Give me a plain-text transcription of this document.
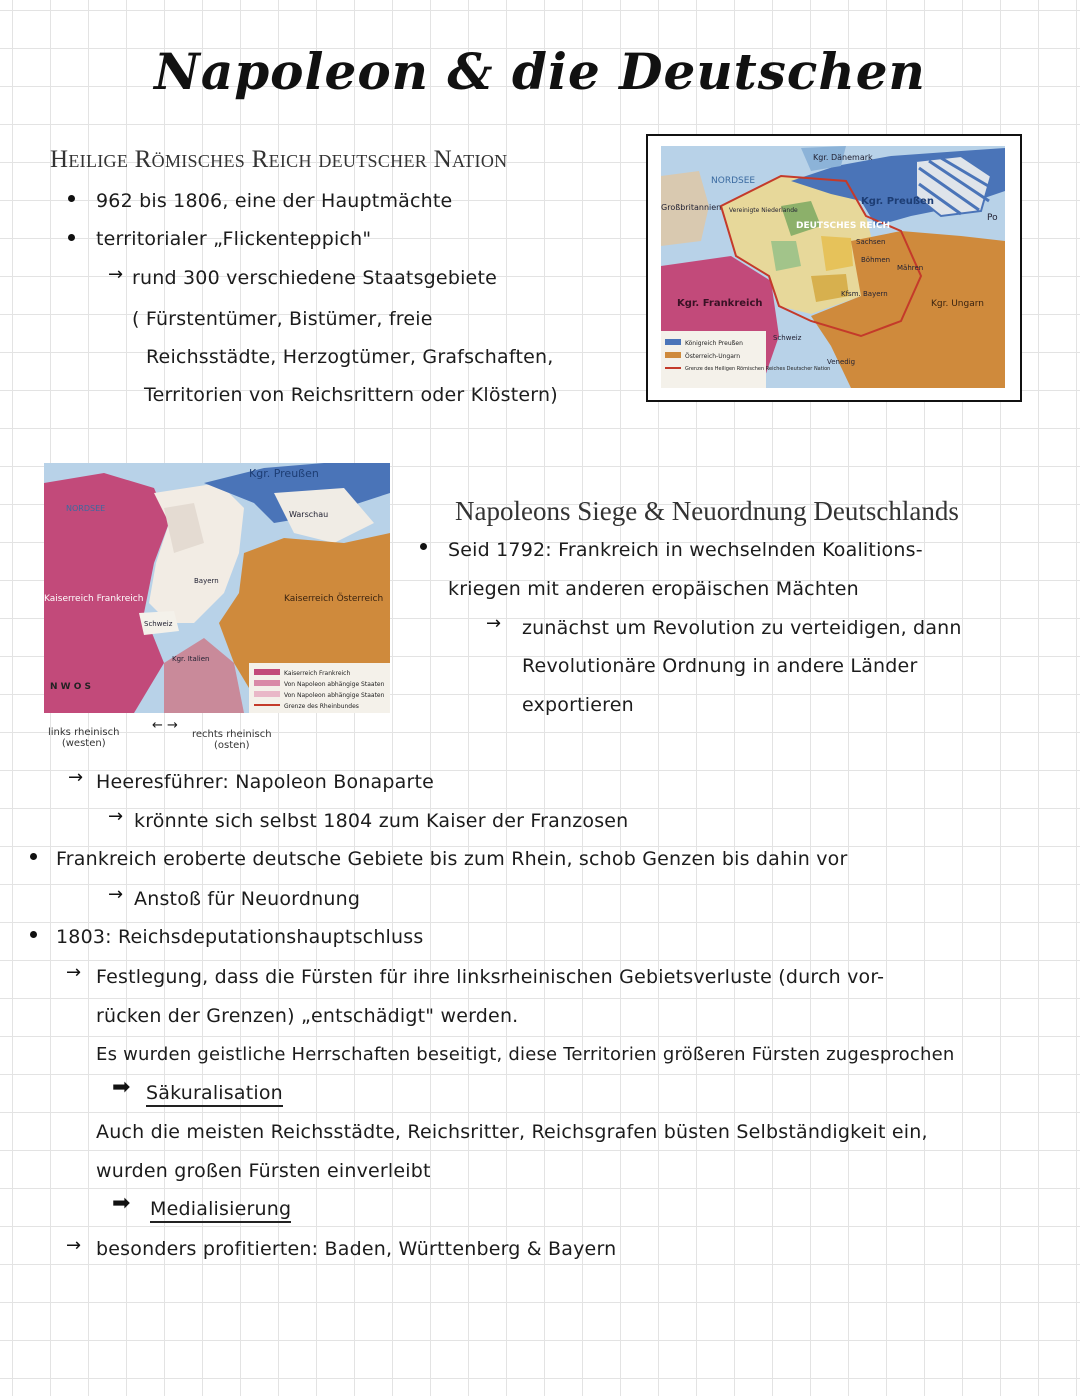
Napoleon & die Deutschen
Heilige Römisches Reich deutscher Nation
962 bis 1806, eine der Hauptmächte
territorialer „Flickenteppich"
→ rund 300 verschiedene Staatsgebiete
( Fürstentümer, Bistümer, freie
Reichsstädte, Herzogtümer, Grafschaften,
Territorien von Reichsrittern oder Klöstern)
Königreich Preußen
Österreich-Ungarn
Grenze des Heiligen Römischen Reiches Deutscher Nation
Kgr. Dänemark
NORDSEE
Großbritannien Vereinigte Niederlande
DEUTSCHES REICH
Kgr. Preußen
Kgr. Frankreich	Kgr. Ungarn
Sachsen
Böhmen
Mähren
Kfsm. Bayern
Schweiz
Venedig
Po
Kaiserreich Frankreich
Von Napoleon abhängige Staaten
Von Napoleon abhängige Staaten
Grenze des Rheinbundes
Kgr. Preußen
NORDSEE
Warschau
Kaiserreich Frankreich	Kaiserreich Österreich
Schweiz
Bayern
Kgr. Italien
N W O S
links rheinisch
(westen)
← →
rechts rheinisch
(osten)
Napoleons Siege & Neuordnung Deutschlands
Seid 1792: Frankreich in wechselnden Koalitions-
kriegen mit anderen eropäischen Mächten
→ zunächst um Revolution zu verteidigen, dann
Revolutionäre Ordnung in andere Länder
exportieren
→ Heeresführer: Napoleon Bonaparte
→ krönnte sich selbst 1804 zum Kaiser der Franzosen
Frankreich eroberte deutsche Gebiete bis zum Rhein, schob Genzen bis dahin vor
→ Anstoß für Neuordnung
1803: Reichsdeputationshauptschluss
→ Festlegung, dass die Fürsten für ihre linksrheinischen Gebietsverluste (durch vor-
rücken der Grenzen) „entschädigt" werden.
Es wurden geistliche Herrschaften beseitigt, diese Territorien größeren Fürsten zugesprochen
➡ Säkuralisation
Auch die meisten Reichsstädte, Reichsritter, Reichsgrafen büsten Selbständigkeit ein,
wurden großen Fürsten einverleibt
➡ Medialisierung
→ besonders profitierten: Baden, Württenberg & Bayern
